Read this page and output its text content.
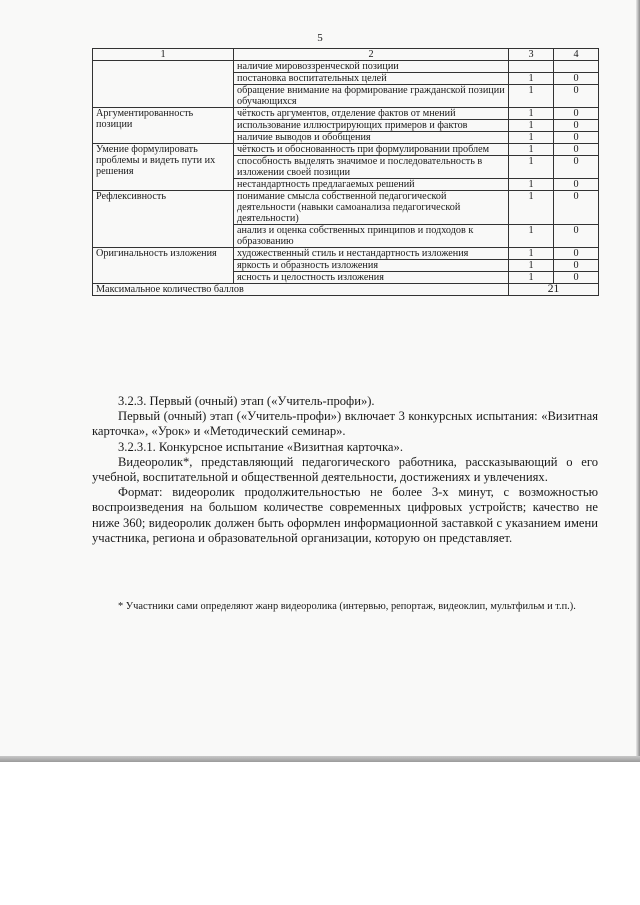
5
1	2	3	4
	наличие мировоззренческой позиции		
	постановка воспитательных целей	1	0
	обращение внимание на формирование гражданской позиции обучающихся	1	0
Аргументированность позиции	чёткость аргументов, отделение фактов от мнений	1	0
	использование иллюстрирующих примеров и фактов	1	0
	наличие выводов и обобщения	1	0
Умение формулировать проблемы и видеть пути их решения	чёткость и обоснованность при формулировании проблем	1	0
	способность выделять значимое и последовательность в изложении своей позиции	1	0
	нестандартность предлагаемых решений	1	0
Рефлексивность	понимание смысла собственной педагогической деятельности (навыки самоанализа педагогической деятельности)	1	0
	анализ и оценка собственных принципов и подходов к образованию	1	0
Оригинальность изложения	художественный стиль и нестандартность изложения	1	0
	яркость и образность изложения	1	0
	ясность и целостность изложения	1	0
Максимальное количество баллов		21	

3.2.3. Первый (очный) этап («Учитель-профи»).

Первый (очный) этап («Учитель-профи») включает 3 конкурсных испытания: «Визитная карточка», «Урок» и «Методический семинар».

3.2.3.1. Конкурсное испытание «Визитная карточка».

Видеоролик*, представляющий педагогического работника, рассказывающий о его учебной, воспитательной и общественной деятельности, достижениях и увлечениях.

Формат: видеоролик продолжительностью не более 3-х минут, с возможностью воспроизведения на большом количестве современных цифровых устройств; качество не ниже 360; видеоролик должен быть оформлен информационной заставкой с указанием имени участника, региона и образовательной организации, которую он представляет.

* Участники сами определяют жанр видеоролика (интервью, репортаж, видеоклип, мультфильм и т.п.).
